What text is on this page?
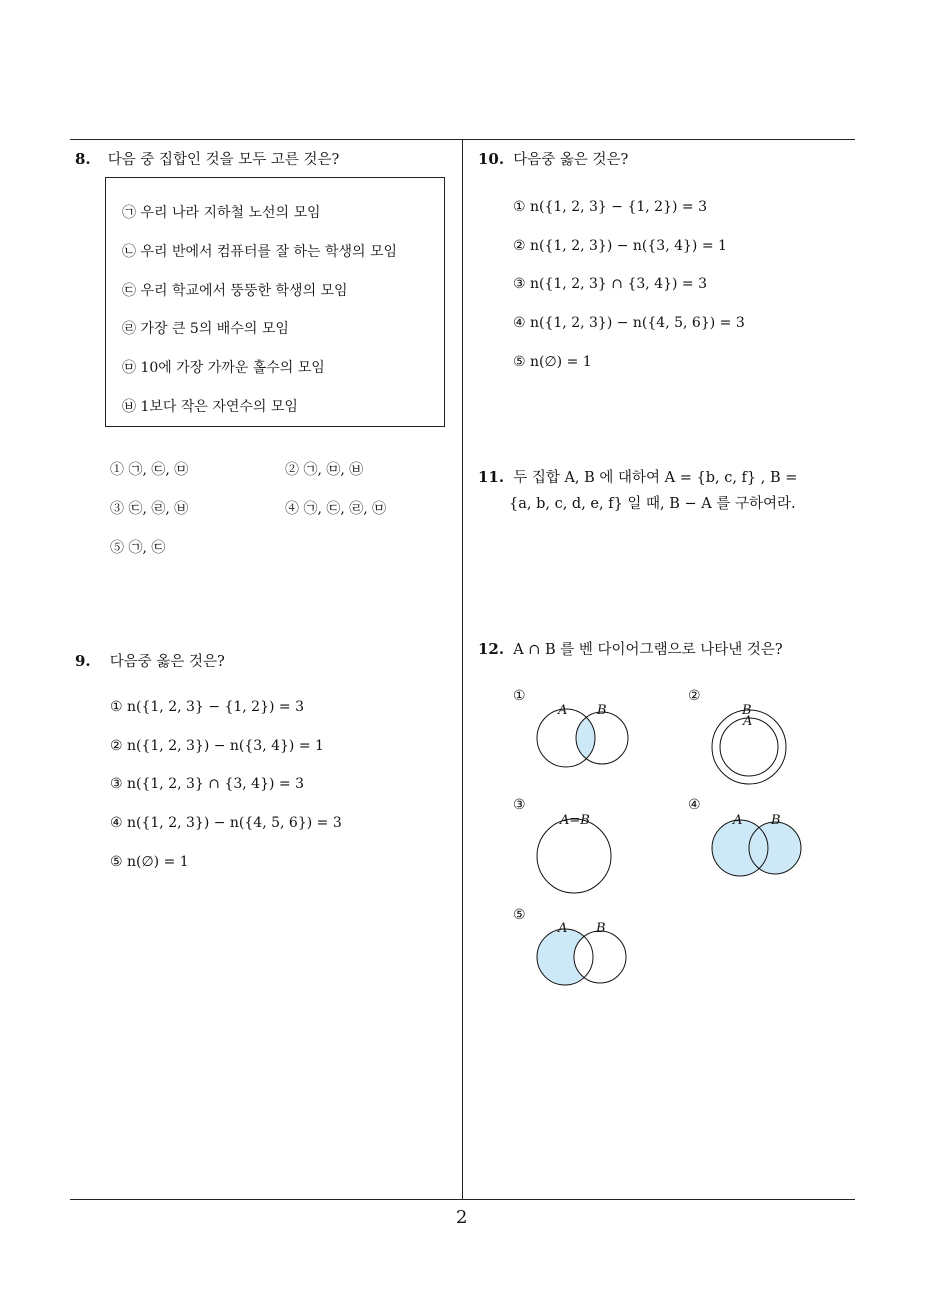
8. 다음 중 집합인 것을 모두 고른 것은?
㉠ 우리 나라 지하철 노선의 모임
㉡ 우리 반에서 컴퓨터를 잘 하는 학생의 모임
㉢ 우리 학교에서 뚱뚱한 학생의 모임
㉣ 가장 큰 5의 배수의 모임
㉤ 10에 가장 가까운 홀수의 모임
㉥ 1보다 작은 자연수의 모임
① ㉠, ㉢, ㉤	② ㉠, ㉤, ㉥
③ ㉢, ㉣, ㉥	④ ㉠, ㉢, ㉣, ㉤
⑤ ㉠, ㉢
9. 다음중 옳은 것은?
① n({1, 2, 3} − {1, 2}) = 3
② n({1, 2, 3}) − n({3, 4}) = 1
③ n({1, 2, 3} ∩ {3, 4}) = 3
④ n({1, 2, 3}) − n({4, 5, 6}) = 3
⑤ n(∅) = 1
10. 다음중 옳은 것은?
① n({1, 2, 3} − {1, 2}) = 3
② n({1, 2, 3}) − n({3, 4}) = 1
③ n({1, 2, 3} ∩ {3, 4}) = 3
④ n({1, 2, 3}) − n({4, 5, 6}) = 3
⑤ n(∅) = 1
11. 두 집합 A, B 에 대하여 A = {b, c, f} , B =
{a, b, c, d, e, f} 일 때, B − A 를 구하여라.
12. A ∩ B 를 벤 다이어그램으로 나타낸 것은?
①	②
③	④
⑤
A B	B
A
A=B	A B
A B
2
